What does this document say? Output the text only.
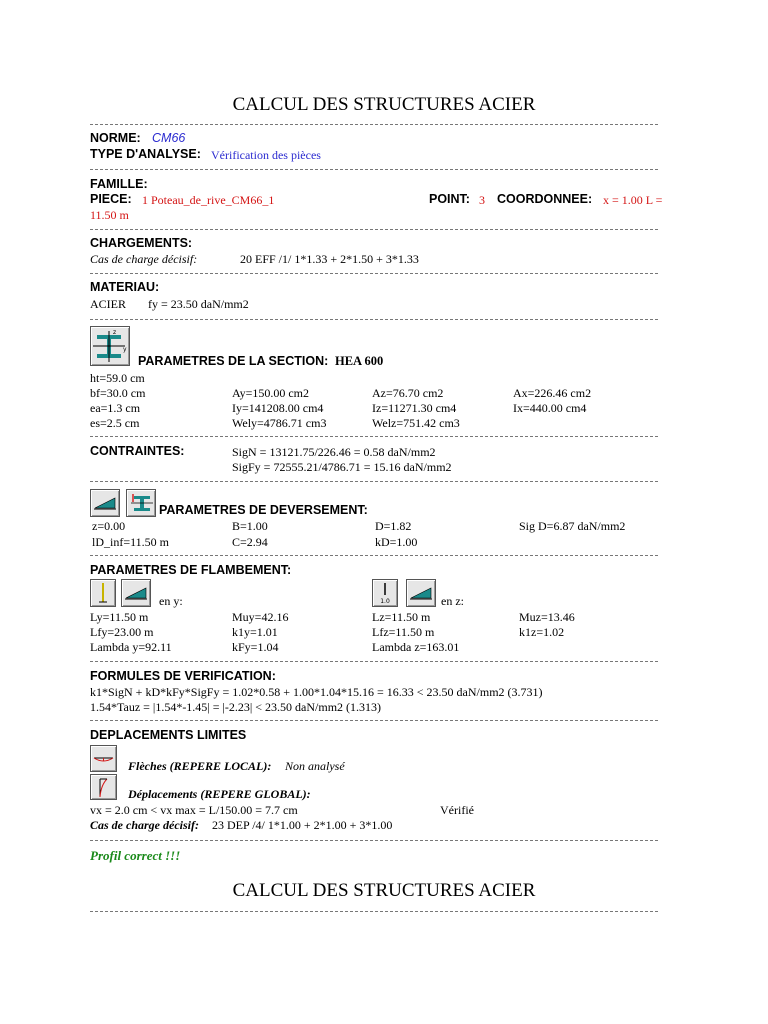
CALCUL DES STRUCTURES ACIER
NORME: CM66
TYPE D'ANALYSE: Vérification des pièces
FAMILLE:
PIECE: 1 Poteau_de_rive_CM66_1	POINT: 3 COORDONNEE: x = 1.00 L =
11.50 m
CHARGEMENTS:
Cas de charge décisif:	20 EFF /1/ 1*1.33 + 2*1.50 + 3*1.33
MATERIAU:
ACIER fy = 23.50 daN/mm2
z
y
PARAMETRES DE LA SECTION: HEA 600
ht=59.0 cm
bf=30.0 cm	Ay=150.00 cm2	Az=76.70 cm2	Ax=226.46 cm2
ea=1.3 cm	Iy=141208.00 cm4	Iz=11271.30 cm4	Ix=440.00 cm4
es=2.5 cm	Wely=4786.71 cm3	Welz=751.42 cm3
CONTRAINTES:	SigN = 13121.75/226.46 = 0.58 daN/mm2
SigFy = 72555.21/4786.71 = 15.16 daN/mm2
PARAMETRES DE DEVERSEMENT:
z=0.00	B=1.00	D=1.82	Sig D=6.87 daN/mm2
lD_inf=11.50 m	C=2.94	kD=1.00
PARAMETRES DE FLAMBEMENT:
en y:	1.0	en z:
Ly=11.50 m	Muy=42.16	Lz=11.50 m	Muz=13.46
Lfy=23.00 m	k1y=1.01	Lfz=11.50 m	k1z=1.02
Lambda y=92.11	kFy=1.04	Lambda z=163.01
FORMULES DE VERIFICATION:
k1*SigN + kD*kFy*SigFy = 1.02*0.58 + 1.00*1.04*15.16 = 16.33 < 23.50 daN/mm2 (3.731)
1.54*Tauz = |1.54*-1.45| = |-2.23| < 23.50 daN/mm2 (1.313)
DEPLACEMENTS LIMITES
Flèches (REPERE LOCAL): Non analysé
Déplacements (REPERE GLOBAL):
vx = 2.0 cm < vx max = L/150.00 = 7.7 cm	Vérifié
Cas de charge décisif: 23 DEP /4/ 1*1.00 + 2*1.00 + 3*1.00
Profil correct !!!
CALCUL DES STRUCTURES ACIER
